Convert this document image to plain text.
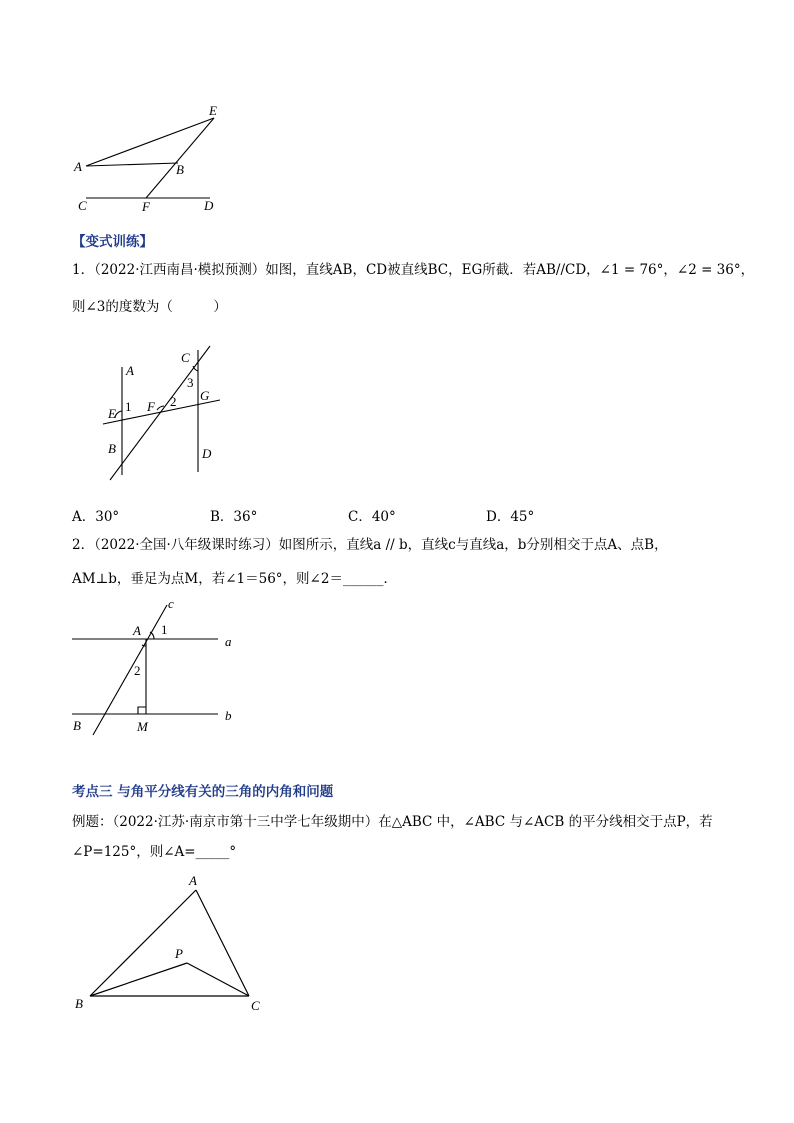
E
A	B
C	F	D
【变式训练】
1．（2022·江西南昌·模拟预测）如图，直线AB，CD被直线BC，EG所截．若AB//CD，∠1 = 76°，∠2 = 36°，
则∠3的度数为（　　　）
A
C
3
G
2
F
1
E
B	D
A．30°	B．36°	C．40°	D．45°
2．（2022·全国·八年级课时练习）如图所示，直线a // b，直线c与直线a，b分别相交于点A、点B，
AM⊥b，垂足为点M，若∠1＝56°，则∠2＝______．
c
A 1
a
2
b
B	M
考点三 与角平分线有关的三角的内角和问题
例题：（2022·江苏·南京市第十三中学七年级期中）在△ABC 中，∠ABC 与∠ACB 的平分线相交于点P，若
∠P=125°，则∠A=_____°
A
P
B	C
